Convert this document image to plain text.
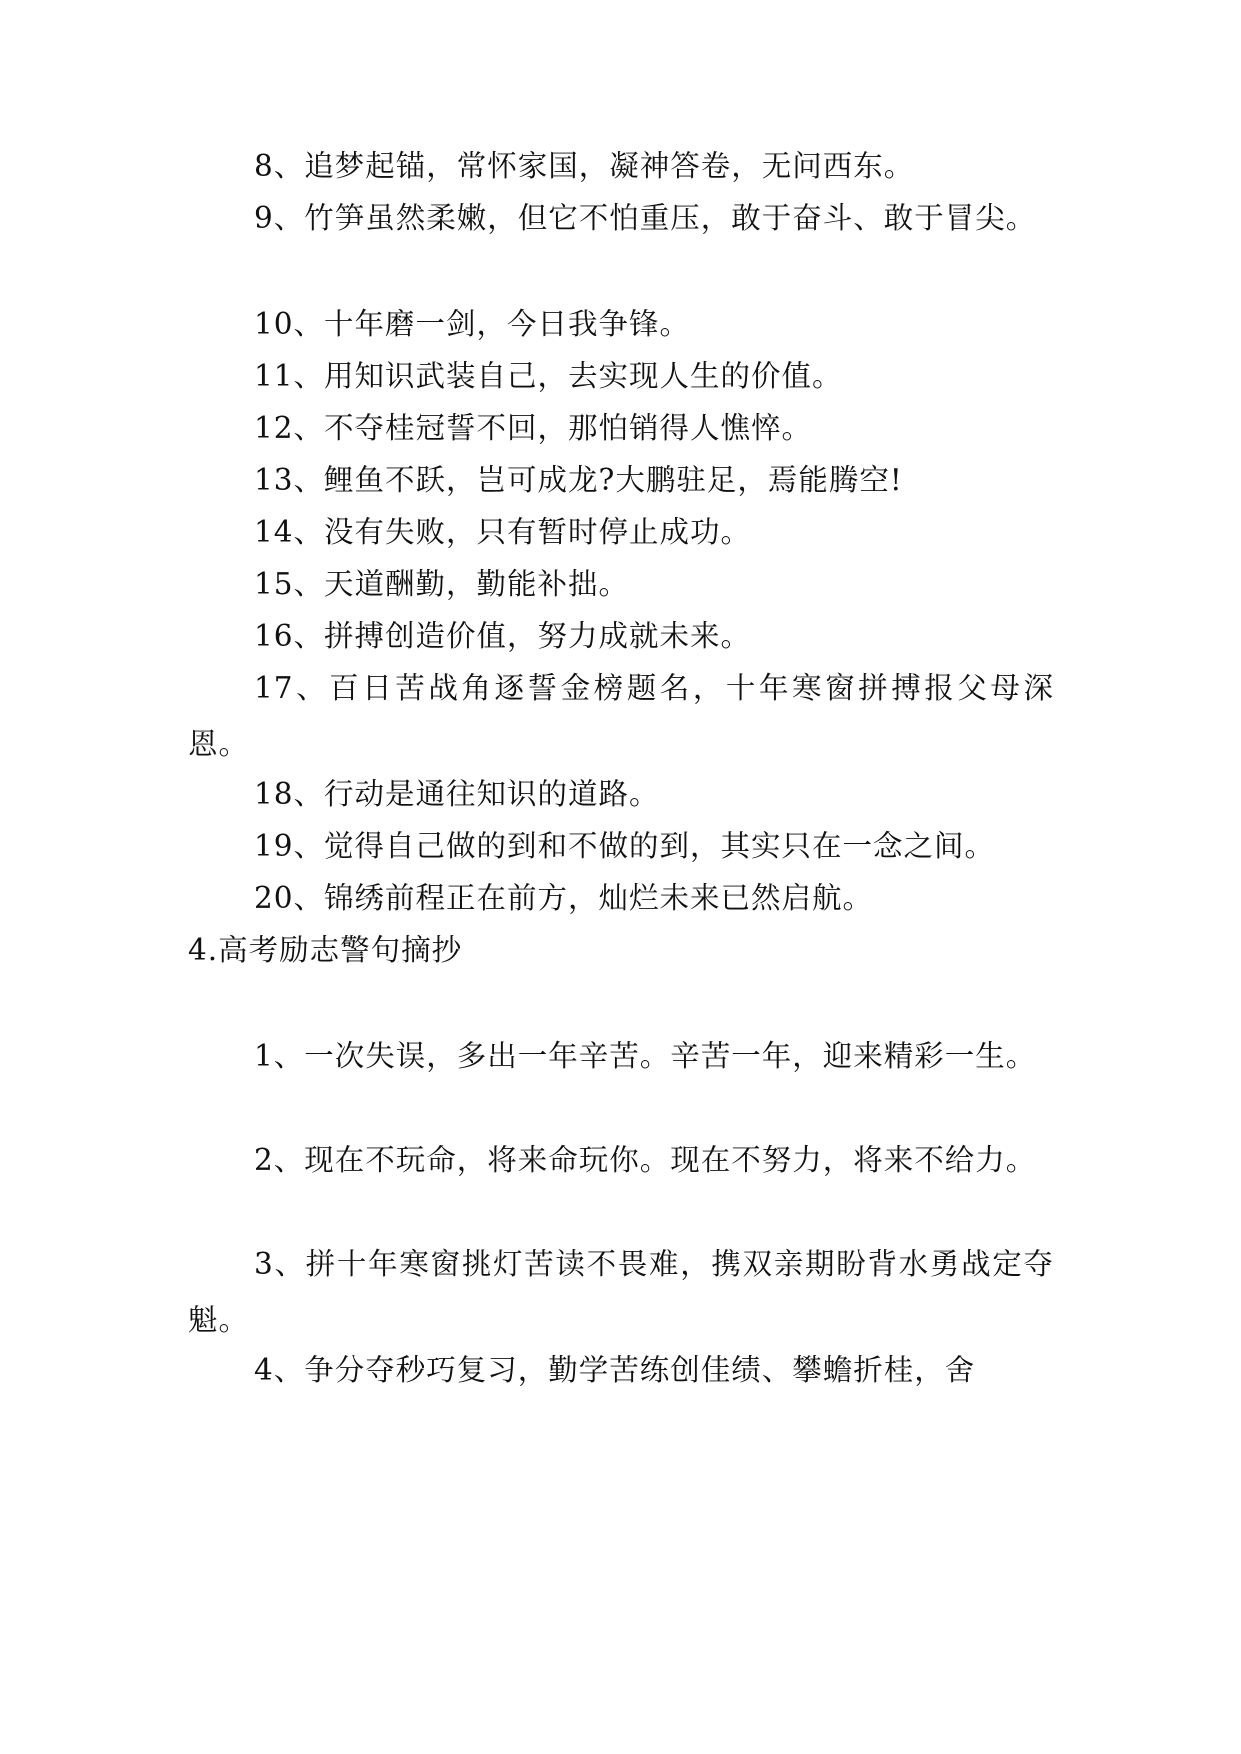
8、追梦起锚，常怀家国，凝神答卷，无问西东。

9、竹笋虽然柔嫩，但它不怕重压，敢于奋斗、敢于冒尖。

10、十年磨一剑，今日我争锋。

11、用知识武装自己，去实现人生的价值。

12、不夺桂冠誓不回，那怕销得人憔悴。

13、鲤鱼不跃，岂可成龙?大鹏驻足，焉能腾空!

14、没有失败，只有暂时停止成功。

15、天道酬勤，勤能补拙。

16、拼搏创造价值，努力成就未来。

17、百日苦战角逐誓金榜题名，十年寒窗拼搏报父母深恩。

18、行动是通往知识的道路。

19、觉得自己做的到和不做的到，其实只在一念之间。

20、锦绣前程正在前方，灿烂未来已然启航。

4.高考励志警句摘抄

1、一次失误，多出一年辛苦。辛苦一年，迎来精彩一生。

2、现在不玩命，将来命玩你。现在不努力，将来不给力。

3、拼十年寒窗挑灯苦读不畏难，携双亲期盼背水勇战定夺魁。

4、争分夺秒巧复习，勤学苦练创佳绩、攀蟾折桂，舍
